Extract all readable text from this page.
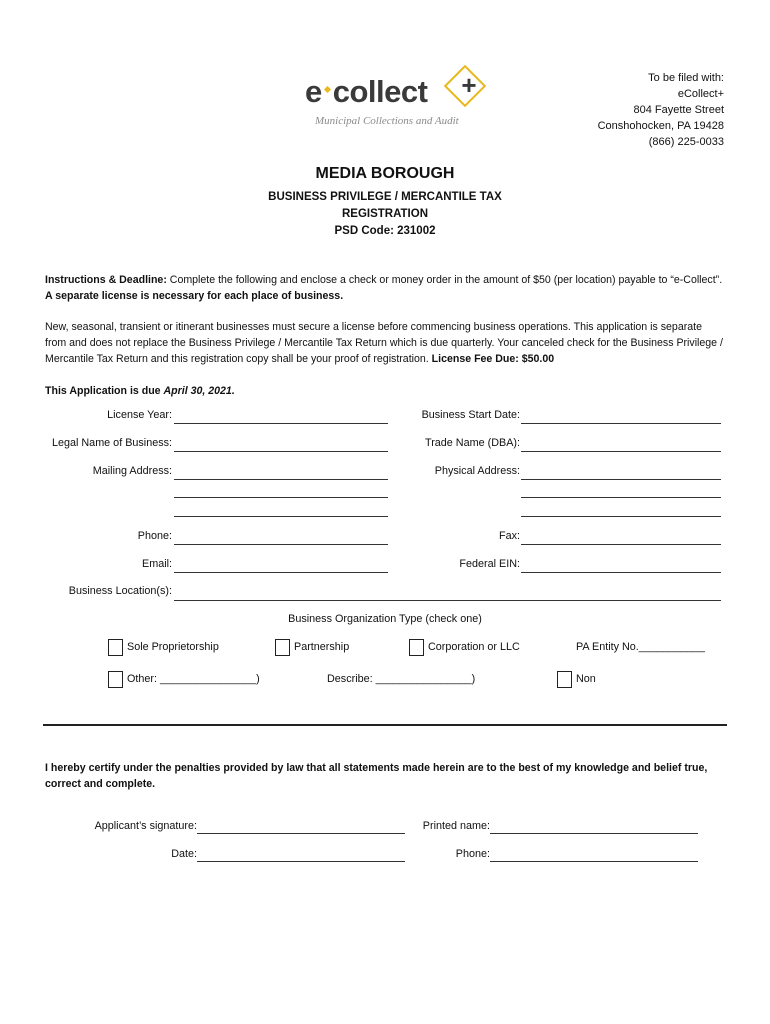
e collect	+
Municipal Collections and Audit
To be filed with:
eCollect+
804 Fayette Street
Conshohocken, PA 19428
(866) 225-0033
MEDIA BOROUGH
BUSINESS PRIVILEGE / MERCANTILE TAX
REGISTRATION
PSD Code: 231002
Instructions & Deadline: Complete the following and enclose a check or money order in the amount of $50 (per location) payable to “e-Collect”. A separate license is necessary for each place of business.
New, seasonal, transient or itinerant businesses must secure a license before commencing business operations. This application is separate from and does not replace the Business Privilege / Mercantile Tax Return which is due quarterly. Your canceled check for the Business Privilege / Mercantile Tax Return and this registration copy shall be your proof of registration. License Fee Due: $50.00
This Application is due April 30, 2021.
License Year:	Business Start Date:
Legal Name of Business:	Trade Name (DBA):
Mailing Address:	Physical Address:
Phone:	Fax:
Email:	Federal EIN:
Business Location(s):
Business Organization Type (check one)
Sole Proprietorship	Partnership	Corporation or LLC	PA Entity No.___________
Other: ________________)	Describe: ________________)	Non
I hereby certify under the penalties provided by law that all statements made herein are to the best of my knowledge and belief true, correct and complete.
Applicant’s signature:	Printed name:
Date:	Phone:
